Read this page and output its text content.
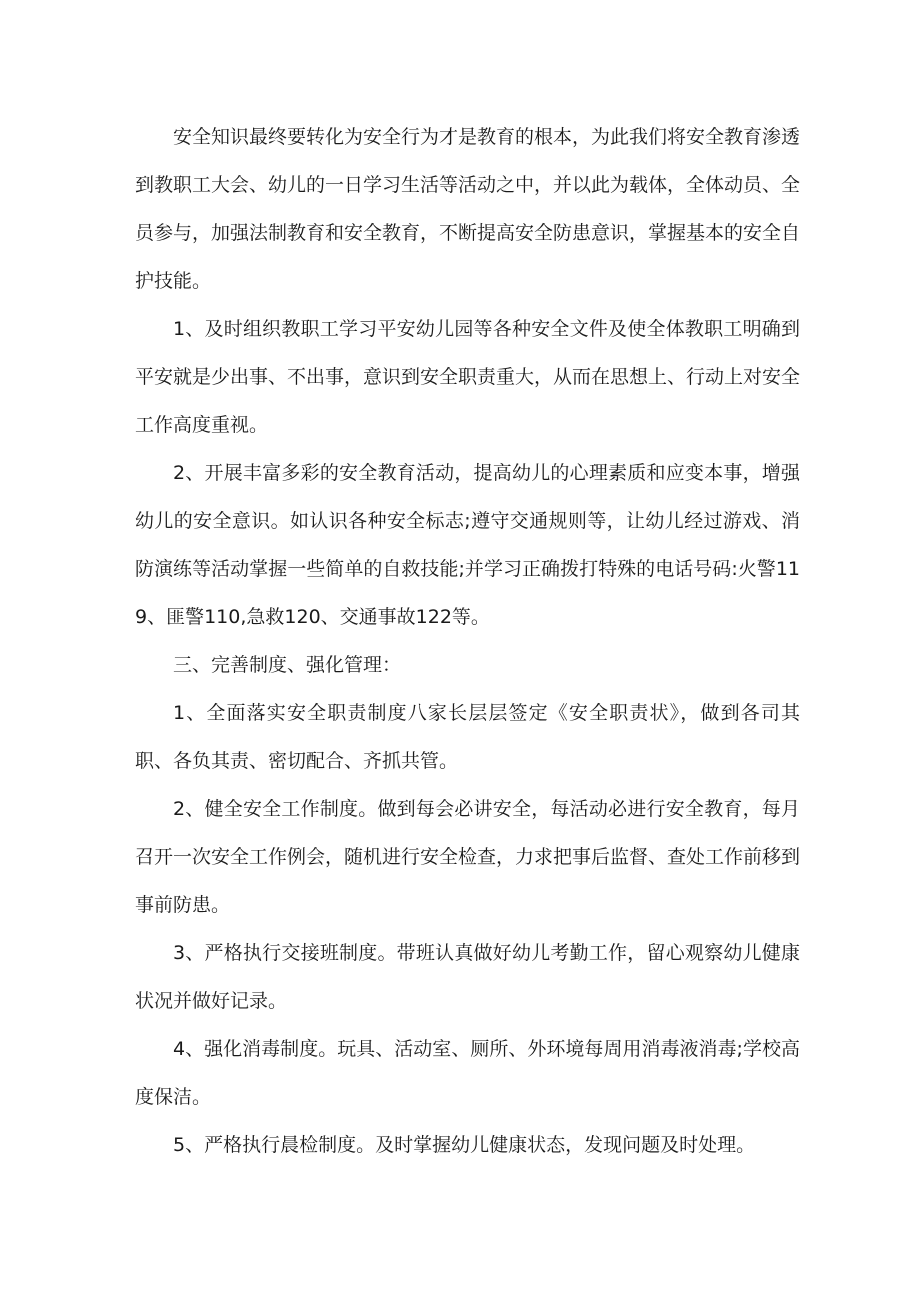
安全知识最终要转化为安全行为才是教育的根本，为此我们将安全教育渗透到教职工大会、幼儿的一日学习生活等活动之中，并以此为载体，全体动员、全员参与，加强法制教育和安全教育，不断提高安全防患意识，掌握基本的安全自护技能。

1、及时组织教职工学习平安幼儿园等各种安全文件及使全体教职工明确到平安就是少出事、不出事，意识到安全职责重大，从而在思想上、行动上对安全工作高度重视。

2、开展丰富多彩的安全教育活动，提高幼儿的心理素质和应变本事，增强幼儿的安全意识。如认识各种安全标志;遵守交通规则等，让幼儿经过游戏、消防演练等活动掌握一些简单的自救技能;并学习正确拨打特殊的电话号码:火警119、匪警110,急救120、交通事故122等。

三、完善制度、强化管理：

1、全面落实安全职责制度八家长层层签定《安全职责状》，做到各司其职、各负其责、密切配合、齐抓共管。

2、健全安全工作制度。做到每会必讲安全，每活动必进行安全教育，每月召开一次安全工作例会，随机进行安全检查，力求把事后监督、查处工作前移到事前防患。

3、严格执行交接班制度。带班认真做好幼儿考勤工作，留心观察幼儿健康状况并做好记录。

4、强化消毒制度。玩具、活动室、厕所、外环境每周用消毒液消毒;学校高度保洁。

5、严格执行晨检制度。及时掌握幼儿健康状态，发现问题及时处理。
